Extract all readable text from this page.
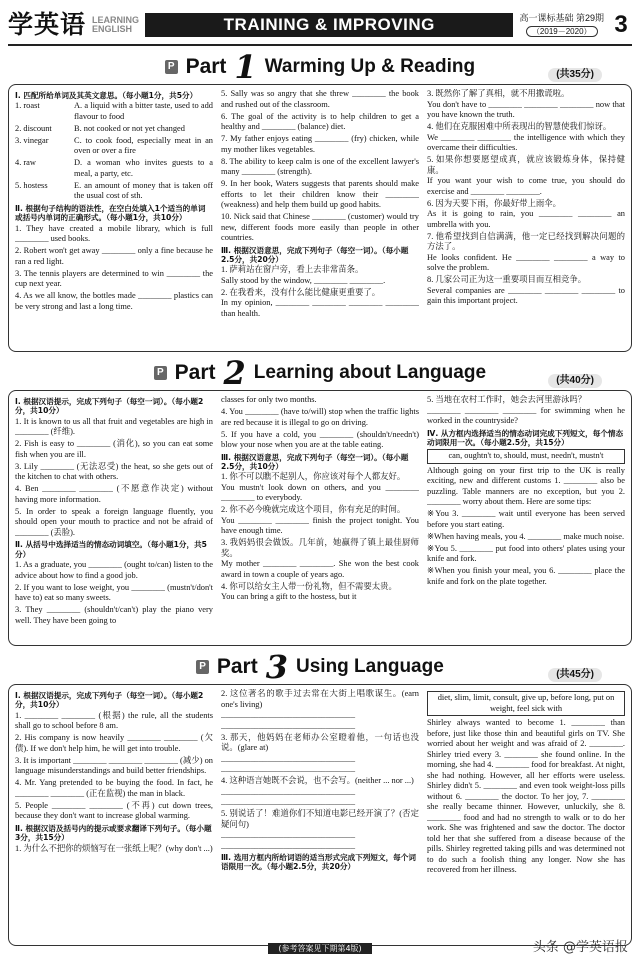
学英语 LEARNING
ENGLISH	TRAINING & IMPROVING	高一课标基础 第29期
（2019－2020） 3
P Part 1 Warming Up & Reading	(共35分)
Ⅰ. 匹配所给单词及其英文意思。（每小题1分，共5分）
1. roast	A. a liquid with a bitter taste, used to add flavour to food
2. discount	B. not cooked or not yet changed
3. vinegar	C. to cook food, especially meat in an oven or over a fire
4. raw	D. a woman who invites guests to a meal, a party, etc.
5. hostess	E. an amount of money that is taken off the usual cost of sth.
Ⅱ. 根据句子结构的语法性，在空白处填入1个适当的单词或括号内单词的正确形式。（每小题1分，共10分）
1. They have created a mobile library, which is full ________ used books.
2. Robert won't get away ________ only a fine because he ran a red light.
3. The tennis players are determined to win ________ the cup next year.
4. As we all know, the bottles made ________ plastics can be very strong and last a long time.
5. Sally was so angry that she threw ________ the book and rushed out of the classroom.
6. The goal of the activity is to help children to get a healthy and ________ (balance) diet.
7. My father enjoys eating ________ (fry) chicken, while my mother likes vegetables.
8. The ability to keep calm is one of the excellent lawyer's many ________ (strength).
9. In her book, Waters suggests that parents should make efforts to let their children know their ________ (weakness) and help them build up good habits.
10. Nick said that Chinese ________ (customer) would try new, different foods more easily than people in other countries.
Ⅲ. 根据汉语意思，完成下列句子（每空一词）。（每小题2.5分，共20分）
1. 萨莉站在窗户旁，看上去非常苗条。
Sally stood by the window, ________ ________.
2. 在我看来，没有什么能比健康更重要了。
In my opinion, ________ ________ ________ ________ than health.
3. 既然你了解了真相，就不用撒谎啦。
You don't have to ________ ________ ________ now that you have known the truth.
4. 他们在克服困难中所表现出的智慧使我们惊讶。
We ________ ________ the intelligence with which they overcame their difficulties.
5. 如果你想要愿望成真，就应该锻炼身体，保持健康。
If you want your wish to come true, you should do exercise and ________ ________.
6. 因为天要下雨，你最好带上雨伞。
As it is going to rain, you ________ ________ an umbrella with you.
7. 他希望找到自信满满，他一定已经找到解决问题的方法了。
He looks confident. He ________ ________ a way to solve the problem.
8. 几家公司正为这一重要项目而互相竞争。
Several companies are ________ ________ ________ to gain this important project.
P Part 2 Learning about Language	(共40分)
Ⅰ. 根据汉语提示，完成下列句子（每空一词）。（每小题2分，共10分）
1. It is known to us all that fruit and vegetables are high in ________ (纤维).
2. Fish is easy to ________ (消化), so you can eat some fish when you are ill.
3. Lily ________ (无法忍受) the heat, so she gets out of the kitchen to chat with others.
4. Ben ________ ________ (不愿意作决定) without having more information.
5. In order to speak a foreign language fluently, you should open your mouth to practice and not be afraid of ________ (丢脸).
Ⅱ. 从括号中选择适当的情态动词填空。（每小题1分，共5分）
1. As a graduate, you ________ (ought to/can) listen to the advice about how to find a good job.
2. If you want to lose weight, you ________ (mustn't/don't have to) eat so many sweets.
3. They ________ (shouldn't/can't) play the piano very well. They have been going to
classes for only two months.
4. You ________ (have to/will) stop when the traffic lights are red because it is illegal to go on driving.
5. If you have a cold, you ________ (shouldn't/needn't) blow your nose when you are at the table eating.
Ⅲ. 根据汉语意思，完成下列句子（每空一词）。（每小题2.5分，共10分）
1. 你不可以瞧不起别人，你应该对每个人都友好。
You mustn't look down on others, and you ________ ________ to everybody.
2. 你不必今晚就完成这个项目，你有充足的时间。
You ________ ________ finish the project tonight. You have enough time.
3. 我妈妈很会做饭。几年前，她赢得了镇上最佳厨师奖。
My mother ________ ________. She won the best cook award in town a couple of years ago.
4. 你可以给女主人带一份礼物，但不需要太贵。
You can bring a gift to the hostess, but it
5. 当地在农村工作时，她会去河里游泳吗？
________ ________ ________ for swimming when he worked in the countryside?
Ⅳ. 从方框内选择适当的情态动词完成下列短文，每个情态动词限用一次。（每小题2.5分，共15分）
can, oughtn't to, should, must, needn't, mustn't
Although going on your first trip to the UK is really exciting, new and different customs 1. ________ also be puzzling. Table manners are no exception, but you 2. ________ worry about them. Here are some tips:
※You 3. ________ wait until everyone has been served before you start eating.
※When having meals, you 4. ________ make much noise.
※You 5. ________ put food into others' plates using your knife and fork.
※When you finish your meal, you 6. ________ place the knife and fork on the plate together.
P Part 3 Using Language	(共45分)
Ⅰ. 根据汉语提示，完成下列句子（每空一词）。（每小题2分，共10分）
1. ________ ________ (根据) the rule, all the students shall go to school before 8 am.
2. His company is now heavily ________ ________ (欠债). If we don't help him, he will get into trouble.
3. It is important ________ ________ ________ (减少) on language misunderstandings and build better friendships.
4. Mr. Yang pretended to be buying the food. In fact, he ________ ________ (正在监视) the man in black.
5. People ________ ________ (不再) cut down trees, because they don't want to increase global warming.
Ⅱ. 根据汉语及括号内的提示或要求翻译下列句子。（每小题3分，共15分）
1. 为什么不把你的烦恼写在一张纸上呢？(why don't ...)
2. 这位著名的歌手过去常在大街上唱歌谋生。(earn one's living)
________________________________
________________________________
3. 那天，他妈妈在老师办公室瞪着他，一句话也没说。(glare at)
________________________________
________________________________
4. 这种语言她既不会说，也不会写。(neither ... nor ...)
________________________________
________________________________
5. 别说话了！难道你们不知道电影已经开演了？(否定疑问句)
________________________________
________________________________
Ⅲ. 选用方框内所给词语的适当形式完成下列短文，每个词语限用一次。（每小题2.5分，共20分）
diet, slim, limit, consult, give up, before long, put on weight, feel sick with
Shirley always wanted to become 1. ________ than before, just like those thin and beautiful girls on TV. She worried about her weight and was afraid of 2. ________. Shirley tried every 3. ________ she found online. In the morning, she had 4. ________ food for breakfast. At night, she had nothing. However, all her efforts were useless. Shirley didn't 5. ________ and even took weight-loss pills without 6. ________ the doctor. To her joy, 7. ________ she really became thinner. However, unluckily, she 8. ________ food and had no strength to walk or to do her work. She was frightened and saw the doctor. The doctor told her that she suffered from a disease because of the pills. Shirley regretted taking pills and was determined not to do such a foolish thing any longer. Now she has recovered from her illness.
(参考答案见下期第4版)	头条 @学英语报
